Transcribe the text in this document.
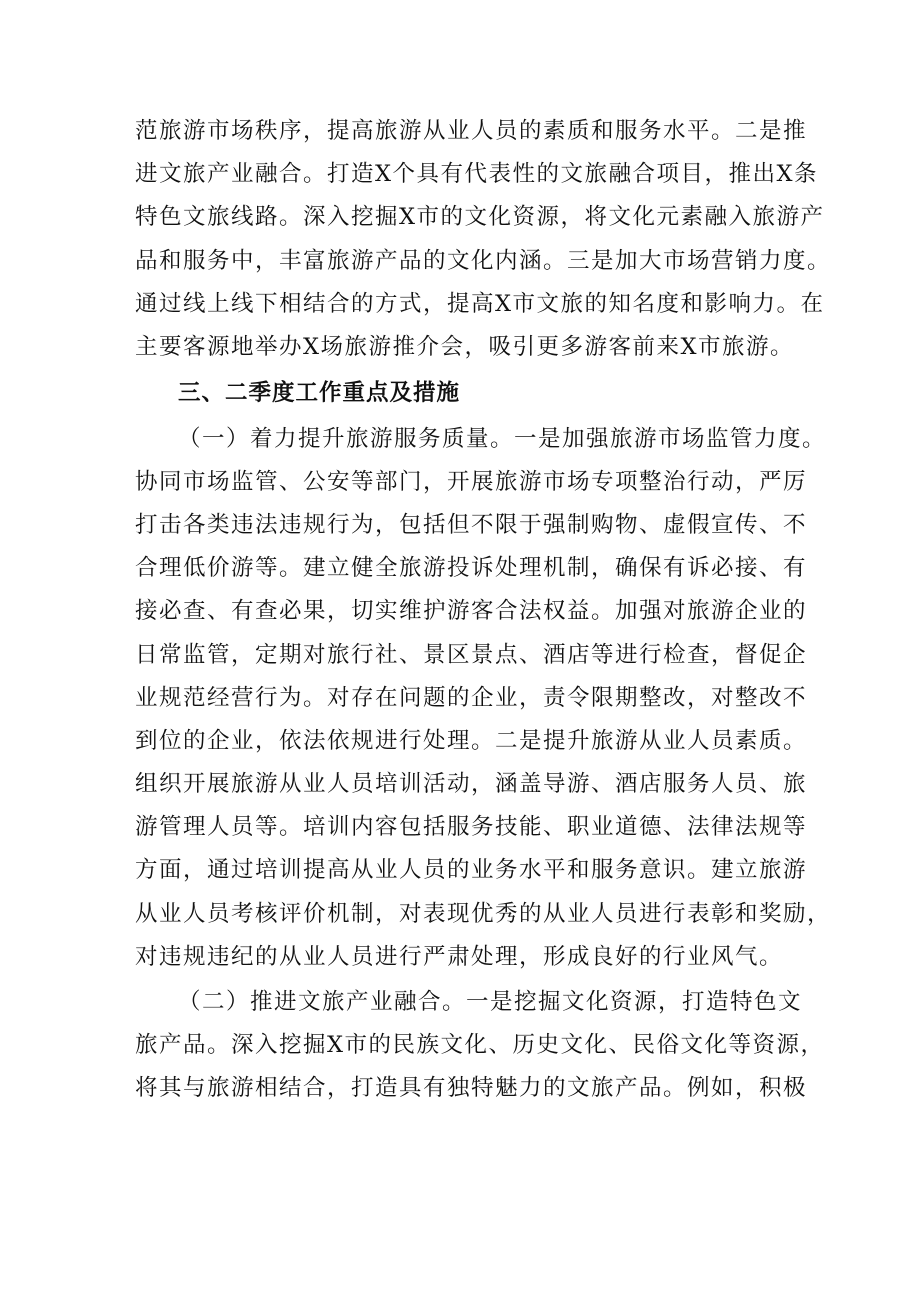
范旅游市场秩序，提高旅游从业人员的素质和服务水平。二是推
进文旅产业融合。打造X个具有代表性的文旅融合项目，推出X条
特色文旅线路。深入挖掘X市的文化资源，将文化元素融入旅游产
品和服务中，丰富旅游产品的文化内涵。三是加大市场营销力度。
通过线上线下相结合的方式，提高X市文旅的知名度和影响力。在
主要客源地举办X场旅游推介会，吸引更多游客前来X市旅游。
三、二季度工作重点及措施
（一）着力提升旅游服务质量。一是加强旅游市场监管力度。
协同市场监管、公安等部门，开展旅游市场专项整治行动，严厉
打击各类违法违规行为，包括但不限于强制购物、虚假宣传、不
合理低价游等。建立健全旅游投诉处理机制，确保有诉必接、有
接必查、有查必果，切实维护游客合法权益。加强对旅游企业的
日常监管，定期对旅行社、景区景点、酒店等进行检查，督促企
业规范经营行为。对存在问题的企业，责令限期整改，对整改不
到位的企业，依法依规进行处理。二是提升旅游从业人员素质。
组织开展旅游从业人员培训活动，涵盖导游、酒店服务人员、旅
游管理人员等。培训内容包括服务技能、职业道德、法律法规等
方面，通过培训提高从业人员的业务水平和服务意识。建立旅游
从业人员考核评价机制，对表现优秀的从业人员进行表彰和奖励，
对违规违纪的从业人员进行严肃处理，形成良好的行业风气。
（二）推进文旅产业融合。一是挖掘文化资源，打造特色文
旅产品。深入挖掘X市的民族文化、历史文化、民俗文化等资源，
将其与旅游相结合，打造具有独特魅力的文旅产品。例如，积极
